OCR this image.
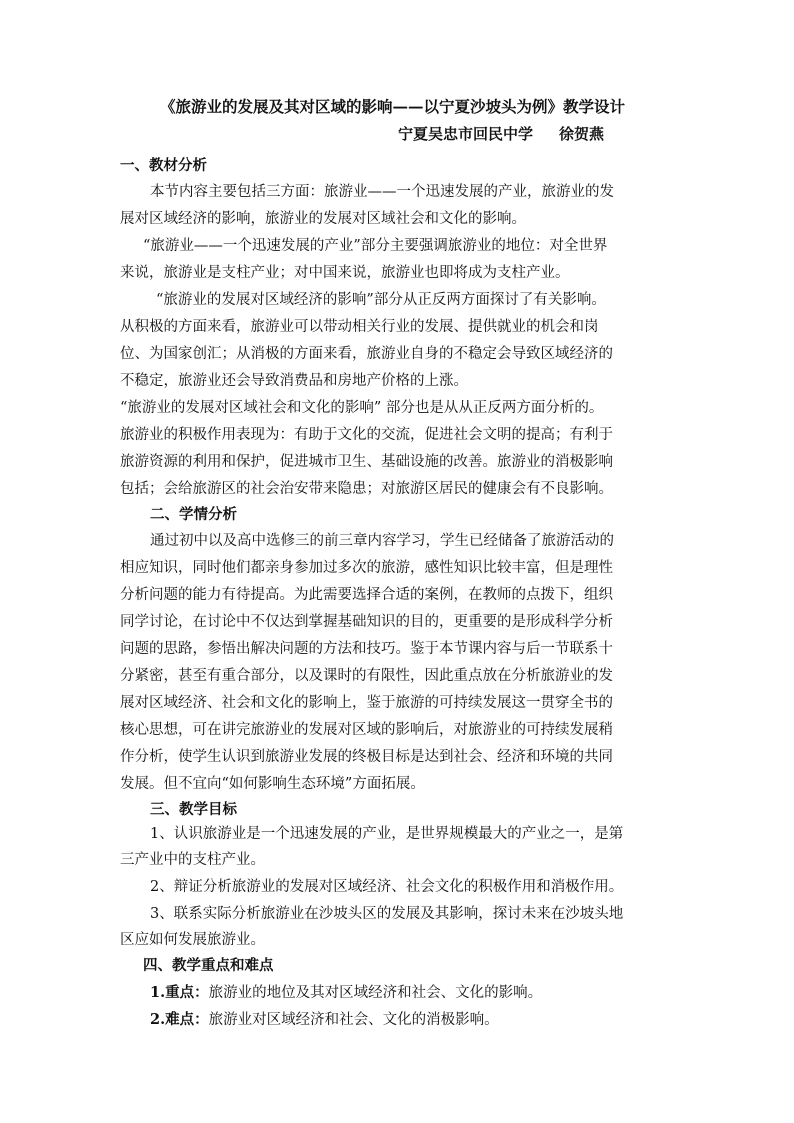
《旅游业的发展及其对区域的影响——以宁夏沙坡头为例》教学设计
宁夏吴忠市回民中学 徐贺燕
一、教材分析
本节内容主要包括三方面：旅游业——一个迅速发展的产业，旅游业的发
展对区域经济的影响，旅游业的发展对区域社会和文化的影响。
“旅游业——一个迅速发展的产业”部分主要强调旅游业的地位：对全世界
来说，旅游业是支柱产业；对中国来说，旅游业也即将成为支柱产业。
“旅游业的发展对区域经济的影响”部分从正反两方面探讨了有关影响。
从积极的方面来看，旅游业可以带动相关行业的发展、提供就业的机会和岗
位、为国家创汇；从消极的方面来看，旅游业自身的不稳定会导致区域经济的
不稳定，旅游业还会导致消费品和房地产价格的上涨。
“旅游业的发展对区域社会和文化的影响” 部分也是从从正反两方面分析的。
旅游业的积极作用表现为：有助于文化的交流，促进社会文明的提高；有利于
旅游资源的利用和保护，促进城市卫生、基础设施的改善。旅游业的消极影响
包括；会给旅游区的社会治安带来隐患；对旅游区居民的健康会有不良影响。
二、学情分析
通过初中以及高中选修三的前三章内容学习，学生已经储备了旅游活动的
相应知识，同时他们都亲身参加过多次的旅游，感性知识比较丰富，但是理性
分析问题的能力有待提高。为此需要选择合适的案例，在教师的点拨下，组织
同学讨论，在讨论中不仅达到掌握基础知识的目的，更重要的是形成科学分析
问题的思路，参悟出解决问题的方法和技巧。鉴于本节课内容与后一节联系十
分紧密，甚至有重合部分，以及课时的有限性，因此重点放在分析旅游业的发
展对区域经济、社会和文化的影响上，鉴于旅游的可持续发展这一贯穿全书的
核心思想，可在讲完旅游业的发展对区域的影响后，对旅游业的可持续发展稍
作分析，使学生认识到旅游业发展的终极目标是达到社会、经济和环境的共同
发展。但不宜向“如何影响生态环境”方面拓展。
三、教学目标
1、认识旅游业是一个迅速发展的产业，是世界规模最大的产业之一，是第
三产业中的支柱产业。
2、辩证分析旅游业的发展对区域经济、社会文化的积极作用和消极作用。
3、联系实际分析旅游业在沙坡头区的发展及其影响，探讨未来在沙坡头地
区应如何发展旅游业。
四、教学重点和难点
1.重点：旅游业的地位及其对区域经济和社会、文化的影响。
2.难点：旅游业对区域经济和社会、文化的消极影响。
